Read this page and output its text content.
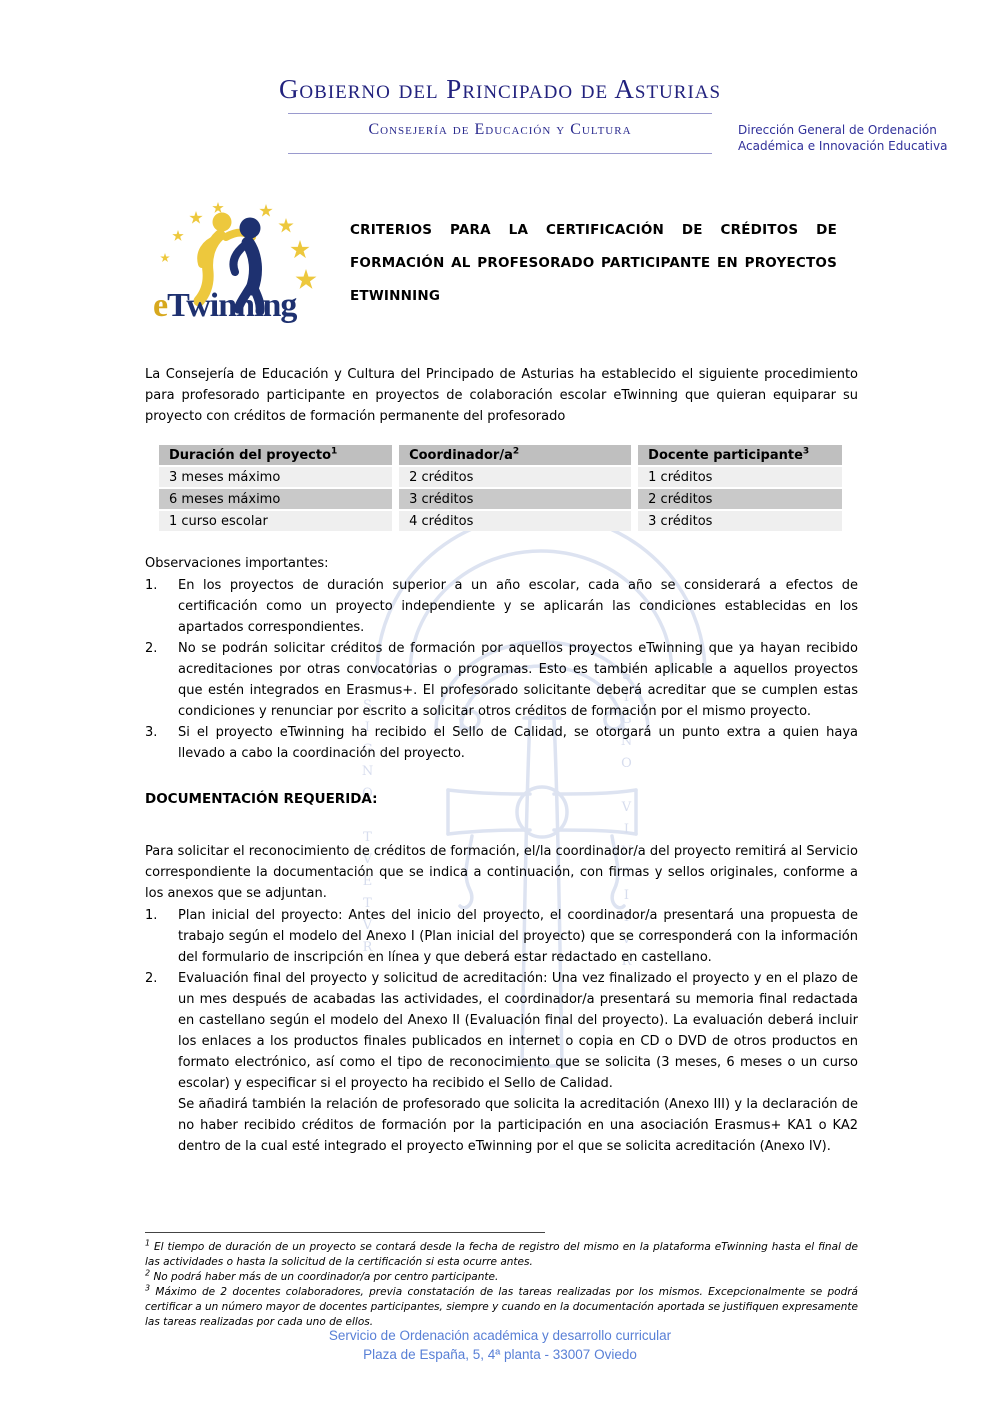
SIGNO TVETVR	SIGNO VINCITVR
Gobierno del Principado de Asturias
Consejería de Educación y Cultura	Dirección General de Ordenación
Académica e Innovación Educativa
eTwinning
CRITERIOS PARA LA CERTIFICACIÓN DE CRÉDITOS DE FORMACIÓN AL PROFESORADO PARTICIPANTE EN PROYECTOS ETWINNING
La Consejería de Educación y Cultura del Principado de Asturias ha establecido el siguiente procedimiento para profesorado participante en proyectos de colaboración escolar eTwinning que quieran equiparar su proyecto con créditos de formación permanente del profesorado
Duración del proyecto$^1$	Coordinador/$a^2$	Docente participante$^3$
3 meses máximo	2 créditos	1 créditos
6 meses máximo	3 créditos	2 créditos
1 curso escolar	4 créditos	3 créditos
Observaciones importantes:
1.	En los proyectos de duración superior a un año escolar, cada año se considerará a efectos de certificación como un proyecto independiente y se aplicarán las condiciones establecidas en los apartados correspondientes.
2.	No se podrán solicitar créditos de formación por aquellos proyectos eTwinning que ya hayan recibido acreditaciones por otras convocatorias o programas. Esto es también aplicable a aquellos proyectos que estén integrados en Erasmus+. El profesorado solicitante deberá acreditar que se cumplen estas condiciones y renunciar por escrito a solicitar otros créditos de formación por el mismo proyecto.
3.	Si el proyecto eTwinning ha recibido el Sello de Calidad, se otorgará un punto extra a quien haya llevado a cabo la coordinación del proyecto.
DOCUMENTACIÓN REQUERIDA:
Para solicitar el reconocimiento de créditos de formación, el/la coordinador/a del proyecto remitirá al Servicio correspondiente la documentación que se indica a continuación, con firmas y sellos originales, conforme a los anexos que se adjuntan.
1.	Plan inicial del proyecto: Antes del inicio del proyecto, el coordinador/a presentará una propuesta de trabajo según el modelo del Anexo I (Plan inicial del proyecto) que se corresponderá con la información del formulario de inscripción en línea y que deberá estar redactado en castellano.
2.	Evaluación final del proyecto y solicitud de acreditación: Una vez finalizado el proyecto y en el plazo de un mes después de acabadas las actividades, el coordinador/a presentará su memoria final redactada en castellano según el modelo del Anexo II (Evaluación final del proyecto). La evaluación deberá incluir los enlaces a los productos finales publicados en internet o copia en CD o DVD de otros productos en formato electrónico, así como el tipo de reconocimiento que se solicita (3 meses, 6 meses o un curso escolar) y especificar si el proyecto ha recibido el Sello de Calidad.
Se añadirá también la relación de profesorado que solicita la acreditación (Anexo III) y la declaración de no haber recibido créditos de formación por la participación en una asociación Erasmus+ KA1 o KA2 dentro de la cual esté integrado el proyecto eTwinning por el que se solicita acreditación (Anexo IV).
$^1$ El tiempo de duración de un proyecto se contará desde la fecha de registro del mismo en la plataforma eTwinning hasta el final de las actividades o hasta la solicitud de la certificación si esta ocurre antes.
$^2$ No podrá haber más de un coordinador/a por centro participante.
$^3$ Máximo de 2 docentes colaboradores, previa constatación de las tareas realizadas por los mismos. Excepcionalmente se podrá certificar a un número mayor de docentes participantes, siempre y cuando en la documentación aportada se justifiquen expresamente las tareas realizadas por cada uno de ellos.
Servicio de Ordenación académica y desarrollo curricular
Plaza de España, 5, 4ª planta - 33007 Oviedo
